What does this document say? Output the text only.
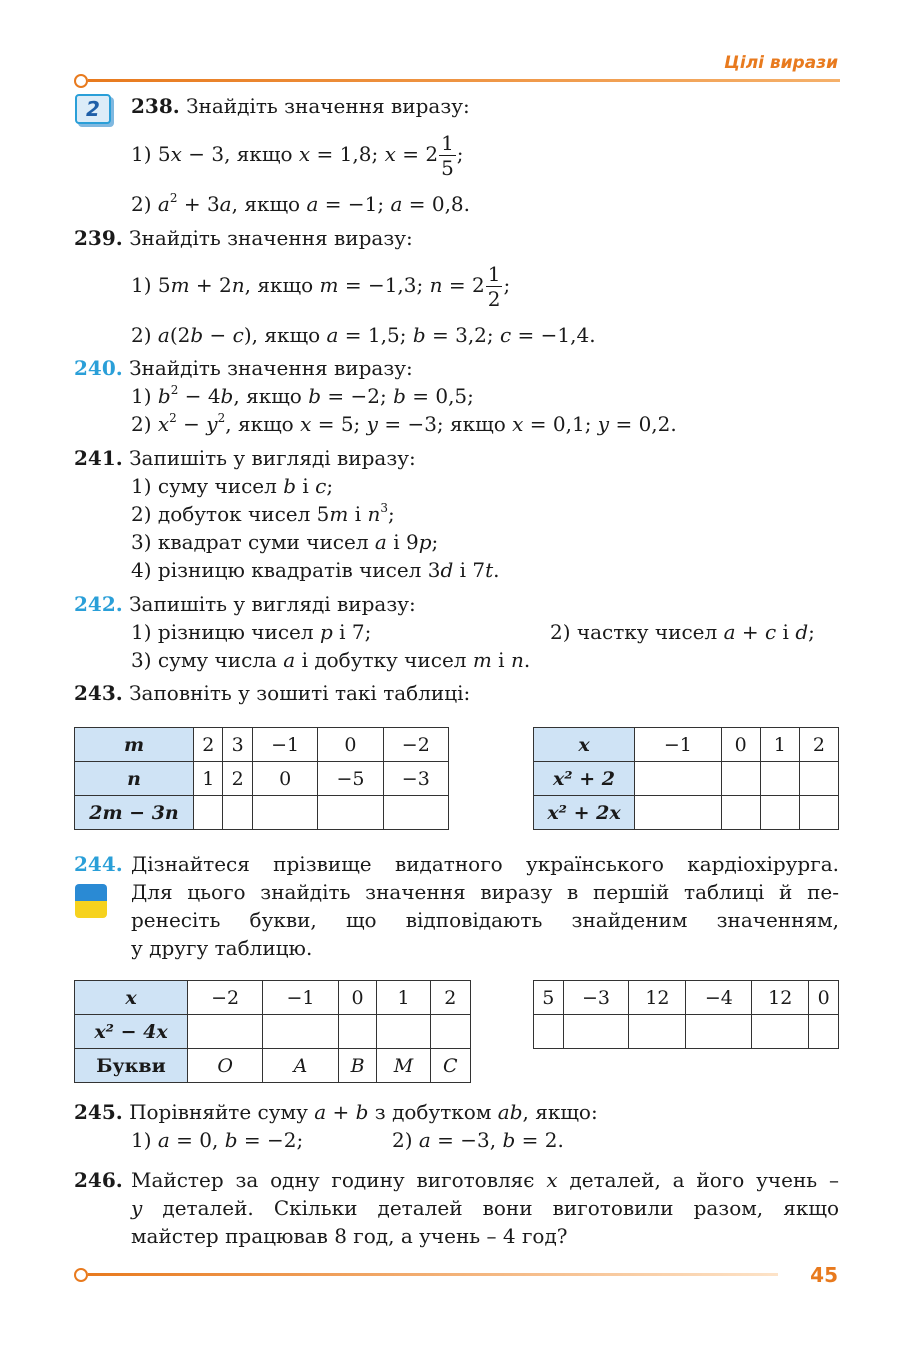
Цілі вирази
2	238. Знайдіть значення виразу:
1) 5x − 3, якщо x = 1,8; $x = 2 \frac{1}{5}$ ;
2) $a^2 + 3a$, якщо a = −1; a = 0,8.
239. Знайдіть значення виразу:
1) 5m + 2n, якщо m = −1,3; $n = 2 \frac{1}{2}$ ;
2) a(2b − c), якщо a = 1,5; b = 3,2; c = −1,4.
240. Знайдіть значення виразу:
1) $b^2 - 4b$, якщо b = −2; b = 0,5;
2) $x^2 - y^2$, якщо x = 5; y = −3; якщо x = 0,1; y = 0,2.
241. Запишіть у вигляді виразу:
1) суму чисел b і c;
2) добуток чисел 5m і $n^3$;
3) квадрат суми чисел a і 9p;
4) різницю квадратів чисел 3d і 7t.
242. Запишіть у вигляді виразу:
1) різницю чисел p і 7;	2) частку чисел a + c і d;
3) суму числа a і добутку чисел m і n.
243. Заповніть у зошиті такі таблиці:
m	2	3	−1	0	−2
n	1	2	0	−5	−3
2m − 3n					
x	−1	0	1	2
x² + 2				
x² + 2x				
244. Дізнайтеся прізвище видатного українського кардіохірурга.
Для цього знайдіть значення виразу в першій таблиці й пе-
ренесіть букви, що відповідають знайденим значенням,
у другу таблицю.
x	−2	−1	0	1	2
x² − 4x					
Букви	О	А	В	М	С
5	−3	12	−4	12	0

245. Порівняйте суму a + b з добутком ab, якщо:
1) a = 0, b = −2;	2) a = −3, b = 2.
246. Майстер за одну годину виготовляє x деталей, а його учень –
y деталей. Скільки деталей вони виготовили разом, якщо
майстер працював 8 год, а учень – 4 год?
45
